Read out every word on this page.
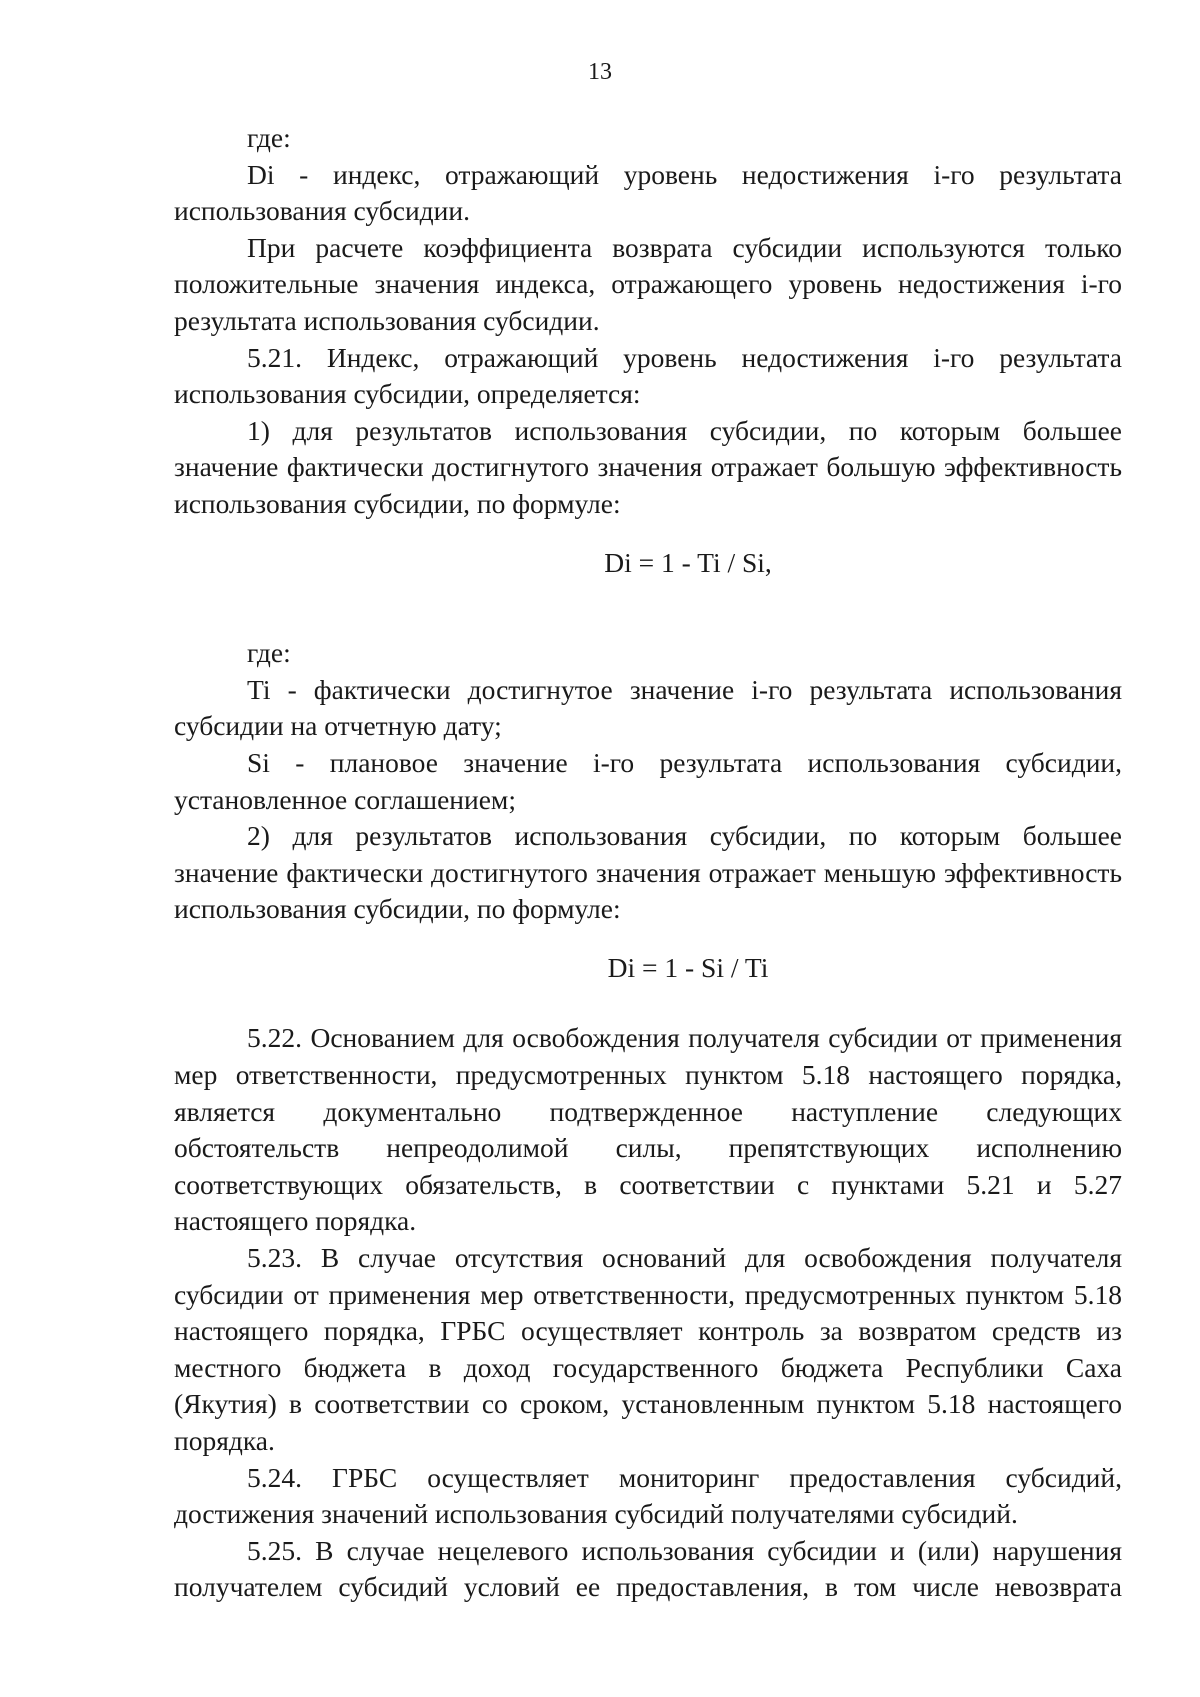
13

где:

Di - индекс, отражающий уровень недостижения i-го результата использования субсидии.

При расчете коэффициента возврата субсидии используются только положительные значения индекса, отражающего уровень недостижения i-го результата использования субсидии.

5.21. Индекс, отражающий уровень недостижения i-го результата использования субсидии, определяется:

1) для результатов использования субсидии, по которым большее значение фактически достигнутого значения отражает большую эффективность использования субсидии, по формуле:

Di = 1 - Ti / Si,

где:

Ti - фактически достигнутое значение i-го результата использования субсидии на отчетную дату;

Si - плановое значение i-го результата использования субсидии, установленное соглашением;

2) для результатов использования субсидии, по которым большее значение фактически достигнутого значения отражает меньшую эффективность использования субсидии, по формуле:

Di = 1 - Si / Ti

5.22. Основанием для освобождения получателя субсидии от применения мер ответственности, предусмотренных пунктом 5.18 настоящего порядка, является документально подтвержденное наступление следующих обстоятельств непреодолимой силы, препятствующих исполнению соответствующих обязательств, в соответствии с пунктами 5.21 и 5.27 настоящего порядка.

5.23. В случае отсутствия оснований для освобождения получателя субсидии от применения мер ответственности, предусмотренных пунктом 5.18 настоящего порядка, ГРБС осуществляет контроль за возвратом средств из местного бюджета в доход государственного бюджета Республики Саха (Якутия) в соответствии со сроком, установленным пунктом 5.18 настоящего порядка.

5.24. ГРБС осуществляет мониторинг предоставления субсидий, достижения значений использования субсидий получателями субсидий.

5.25. В случае нецелевого использования субсидии и (или) нарушения получателем субсидий условий ее предоставления, в том числе невозврата
